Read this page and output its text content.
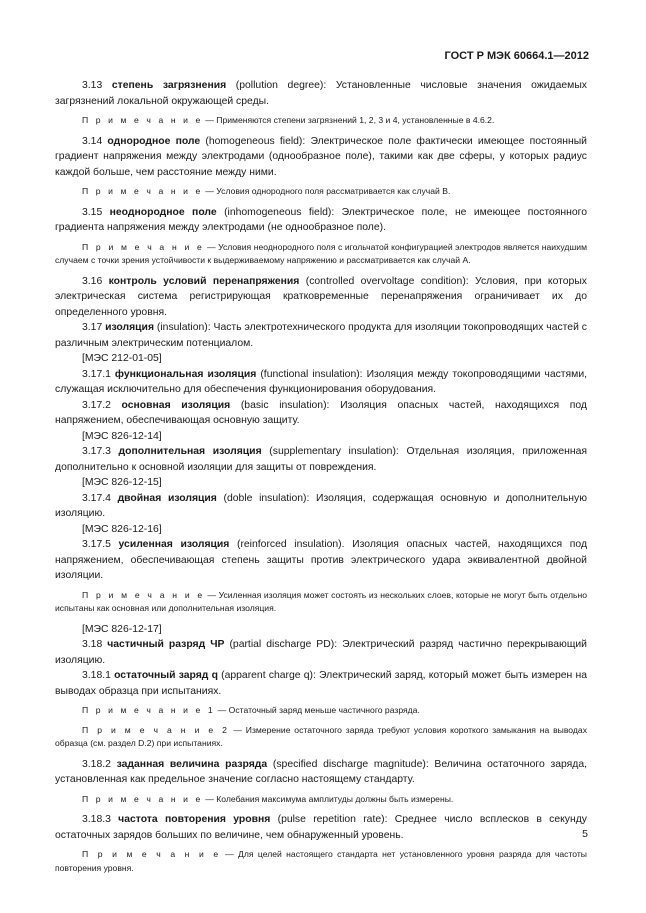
ГОСТ Р МЭК 60664.1—2012

3.13 степень загрязнения (pollution degree): Установленные числовые значения ожидаемых загрязнений локальной окружающей среды.

П р и м е ч а н и е — Применяются степени загрязнений 1, 2, 3 и 4, установленные в 4.6.2.

3.14 однородное поле (homogeneous field): Электрическое поле фактически имеющее постоянный градиент напряжения между электродами (однообразное поле), такими как две сферы, у которых радиус каждой больше, чем расстояние между ними.

П р и м е ч а н и е — Условия однородного поля рассматривается как случай В.

3.15 неоднородное поле (inhomogeneous field): Электрическое поле, не имеющее постоянного градиента напряжения между электродами (не однообразное поле).

П р и м е ч а н и е — Условия неоднородного поля с игольчатой конфигурацией электродов является наихудшим случаем с точки зрения устойчивости к выдерживаемому напряжению и рассматривается как случай А.

3.16 контроль условий перенапряжения (controlled overvoltage condition): Условия, при которых электрическая система регистрирующая кратковременные перенапряжения ограничивает их до определенного уровня.

3.17 изоляция (insulation): Часть электротехнического продукта для изоляции токопроводящих частей с различным электрическим потенциалом.

[МЭС 212-01-05]

3.17.1 функциональная изоляция (functional insulation): Изоляция между токопроводящими частями, служащая исключительно для обеспечения функционирования оборудования.

3.17.2 основная изоляция (basic insulation): Изоляция опасных частей, находящихся под напряжением, обеспечивающая основную защиту.

[МЭС 826-12-14]

3.17.3 дополнительная изоляция (supplementary insulation): Отдельная изоляция, приложенная дополнительно к основной изоляции для защиты от повреждения.

[МЭС 826-12-15]

3.17.4 двойная изоляция (doble insulation): Изоляция, содержащая основную и дополнительную изоляцию.

[МЭС 826-12-16]

3.17.5 усиленная изоляция (reinforced insulation). Изоляция опасных частей, находящихся под напряжением, обеспечивающая степень защиты против электрического удара эквивалентной двойной изоляции.

П р и м е ч а н и е — Усиленная изоляция может состоять из нескольких слоев, которые не могут быть отдельно испытаны как основная или дополнительная изоляция.

[МЭС 826-12-17]

3.18 частичный разряд ЧР (partial discharge PD): Электрический разряд частично перекрывающий изоляцию.

3.18.1 остаточный заряд q (apparent charge q): Электрический заряд, который может быть измерен на выводах образца при испытаниях.

П р и м е ч а н и е 1 — Остаточный заряд меньше частичного разряда.

П р и м е ч а н и е 2 — Измерение остаточного заряда требуют условия короткого замыкания на выводах образца (см. раздел D.2) при испытаниях.

3.18.2 заданная величина разряда (specified discharge magnitude): Величина остаточного заряда, установленная как предельное значение согласно настоящему стандарту.

П р и м е ч а н и е — Колебания максимума амплитуды должны быть измерены.

3.18.3 частота повторения уровня (pulse repetition rate): Среднее число всплесков в секунду остаточных зарядов больших по величине, чем обнаруженный уровень.

П р и м е ч а н и е — Для целей настоящего стандарта нет установленного уровня разряда для частоты повторения уровня.

5
